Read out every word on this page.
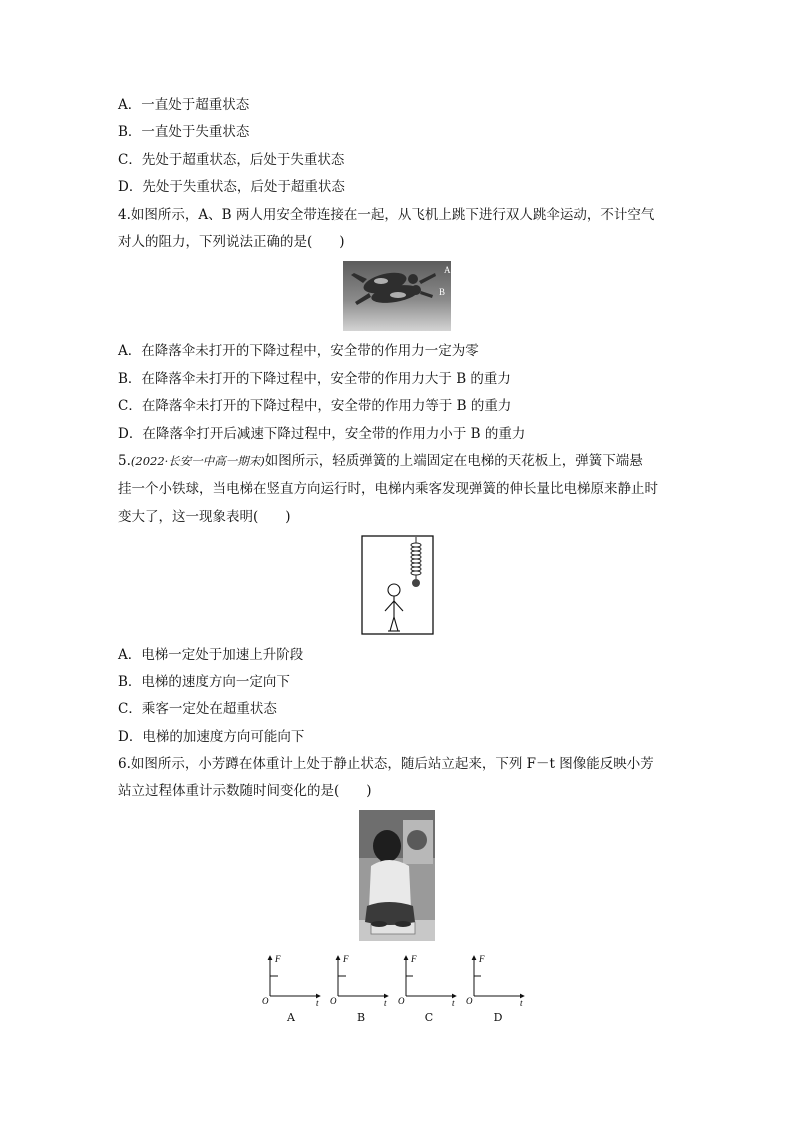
A．一直处于超重状态
B．一直处于失重状态
C．先处于超重状态，后处于失重状态
D．先处于失重状态，后处于超重状态
4.如图所示，A、B 两人用安全带连接在一起，从飞机上跳下进行双人跳伞运动，不计空气
对人的阻力，下列说法正确的是(　　)
A
B
A．在降落伞未打开的下降过程中，安全带的作用力一定为零
B．在降落伞未打开的下降过程中，安全带的作用力大于 B 的重力
C．在降落伞未打开的下降过程中，安全带的作用力等于 B 的重力
D．在降落伞打开后减速下降过程中，安全带的作用力小于 B 的重力
5.(2022·长安一中高一期末)如图所示，轻质弹簧的上端固定在电梯的天花板上，弹簧下端悬
挂一个小铁球，当电梯在竖直方向运行时，电梯内乘客发现弹簧的伸长量比电梯原来静止时
变大了，这一现象表明(　　)
A．电梯一定处于加速上升阶段
B．电梯的速度方向一定向下
C．乘客一定处在超重状态
D．电梯的加速度方向可能向下
6.如图所示，小芳蹲在体重计上处于静止状态，随后站立起来，下列 F－t 图像能反映小芳
站立过程体重计示数随时间变化的是(　　)
F
O	t
F
O	t
F
O	t
F
O	t
A	B	C	D
